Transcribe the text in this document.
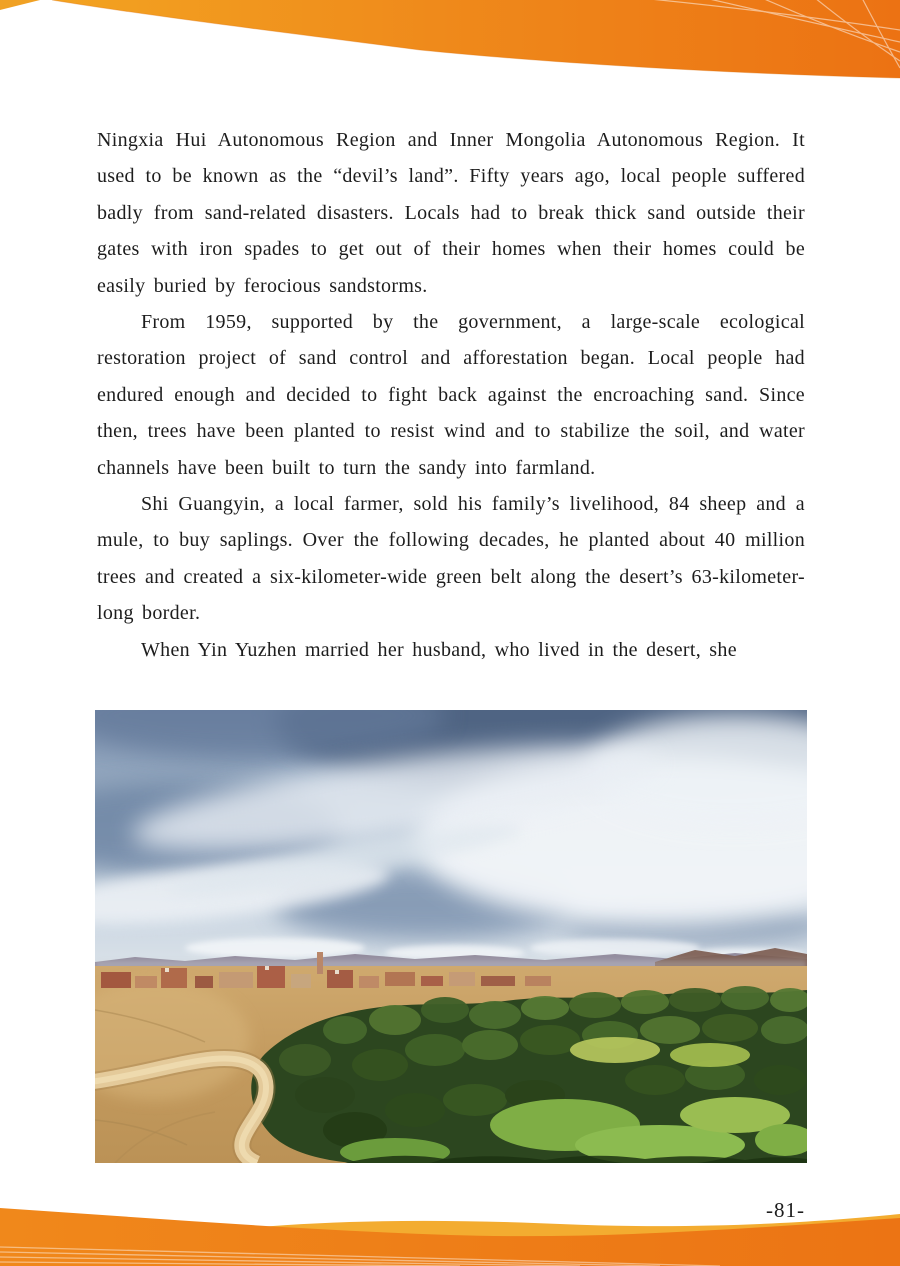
Ningxia Hui Autonomous Region and Inner Mongolia Autonomous Region. It used to be known as the “devil’s land”. Fifty years ago, local people suffered badly from sand-related disasters. Locals had to break thick sand outside their gates with iron spades to get out of their homes when their homes could be easily buried by ferocious sandstorms.

From 1959, supported by the government, a large-scale ecological restoration project of sand control and afforestation began. Local people had endured enough and decided to fight back against the encroaching sand. Since then, trees have been planted to resist wind and to stabilize the soil, and water channels have been built to turn the sandy into farmland.

Shi Guangyin, a local farmer, sold his family’s livelihood, 84 sheep and a mule, to buy saplings. Over the following decades, he planted about 40 million trees and created a six-kilometer-wide green belt along the desert’s 63-kilometer-long border.

When Yin Yuzhen married her husband, who lived in the desert, she

-81-
